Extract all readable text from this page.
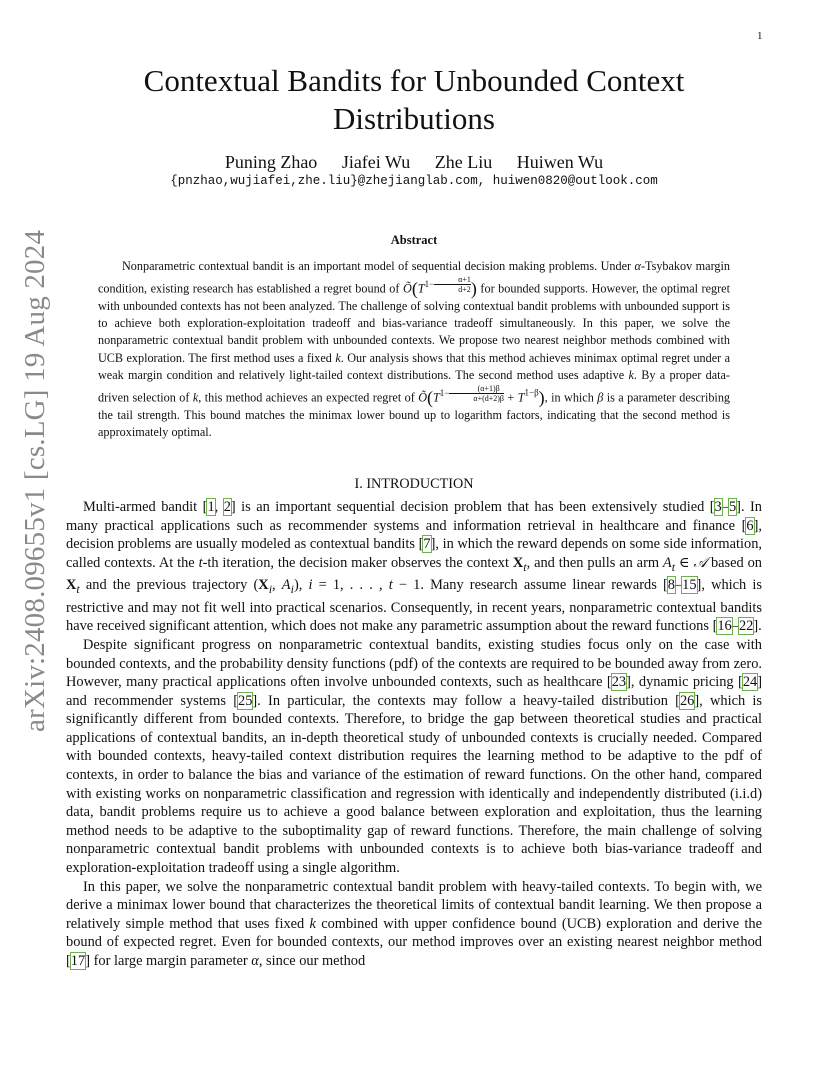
1
arXiv:2408.09655v1 [cs.LG] 19 Aug 2024
Contextual Bandits for Unbounded Context Distributions
Puning Zhao Jiafei Wu Zhe Liu Huiwen Wu
{pnzhao,wujiafei,zhe.liu}@zhejianglab.com, huiwen0820@outlook.com
Abstract

Nonparametric contextual bandit is an important model of sequential decision making problems. Under α-Tsybakov margin condition, existing research has established a regret bound of $Õ(T^{1- \frac{\alpha+1}{d+2}}$ ) for bounded supports. However, the optimal regret with unbounded contexts has not been analyzed. The challenge of solving contextual bandit problems with unbounded support is to achieve both exploration-exploitation tradeoff and bias-variance tradeoff simultaneously. In this paper, we solve the nonparametric contextual bandit problem with unbounded contexts. We propose two nearest neighbor methods combined with UCB exploration. The first method uses a fixed k. Our analysis shows that this method achieves minimax optimal regret under a weak margin condition and relatively light-tailed context distributions. The second method uses adaptive k. By a proper data-driven selection of k, this method achieves an expected regret of $Õ(T^{1- \frac{(\alpha+1)\beta}{\alpha+(d+2)\beta}} + T^{1-\beta})$, in which β is a parameter describing the tail strength. This bound matches the minimax lower bound up to logarithm factors, indicating that the second method is approximately optimal.

I. INTRODUCTION

Multi-armed bandit [1, 2] is an important sequential decision problem that has been extensively studied [3–5]. In many practical applications such as recommender systems and information retrieval in healthcare and finance [6], decision problems are usually modeled as contextual bandits [7], in which the reward depends on some side information, called contexts. At the t-th iteration, the decision maker observes the context $X_t$, and then pulls an arm $A_t$ ∈ 𝒜 based on $X_t$ and the previous trajectory ($X_i$, $A_i$), i = 1, . . . , t − 1. Many research assume linear rewards [8–15], which is restrictive and may not fit well into practical scenarios. Consequently, in recent years, nonparametric contextual bandits have received significant attention, which does not make any parametric assumption about the reward functions [16–22].

Despite significant progress on nonparametric contextual bandits, existing studies focus only on the case with bounded contexts, and the probability density functions (pdf) of the contexts are required to be bounded away from zero. However, many practical applications often involve unbounded contexts, such as healthcare [23], dynamic pricing [24] and recommender systems [25]. In particular, the contexts may follow a heavy-tailed distribution [26], which is significantly different from bounded contexts. Therefore, to bridge the gap between theoretical studies and practical applications of contextual bandits, an in-depth theoretical study of unbounded contexts is crucially needed. Compared with bounded contexts, heavy-tailed context distribution requires the learning method to be adaptive to the pdf of contexts, in order to balance the bias and variance of the estimation of reward functions. On the other hand, compared with existing works on nonparametric classification and regression with identically and independently distributed (i.i.d) data, bandit problems require us to achieve a good balance between exploration and exploitation, thus the learning method needs to be adaptive to the suboptimality gap of reward functions. Therefore, the main challenge of solving nonparametric contextual bandit problems with unbounded contexts is to achieve both bias-variance tradeoff and exploration-exploitation tradeoff using a single algorithm.

In this paper, we solve the nonparametric contextual bandit problem with heavy-tailed contexts. To begin with, we derive a minimax lower bound that characterizes the theoretical limits of contextual bandit learning. We then propose a relatively simple method that uses fixed k combined with upper confidence bound (UCB) exploration and derive the bound of expected regret. Even for bounded contexts, our method improves over an existing nearest neighbor method [17] for large margin parameter α, since our method
